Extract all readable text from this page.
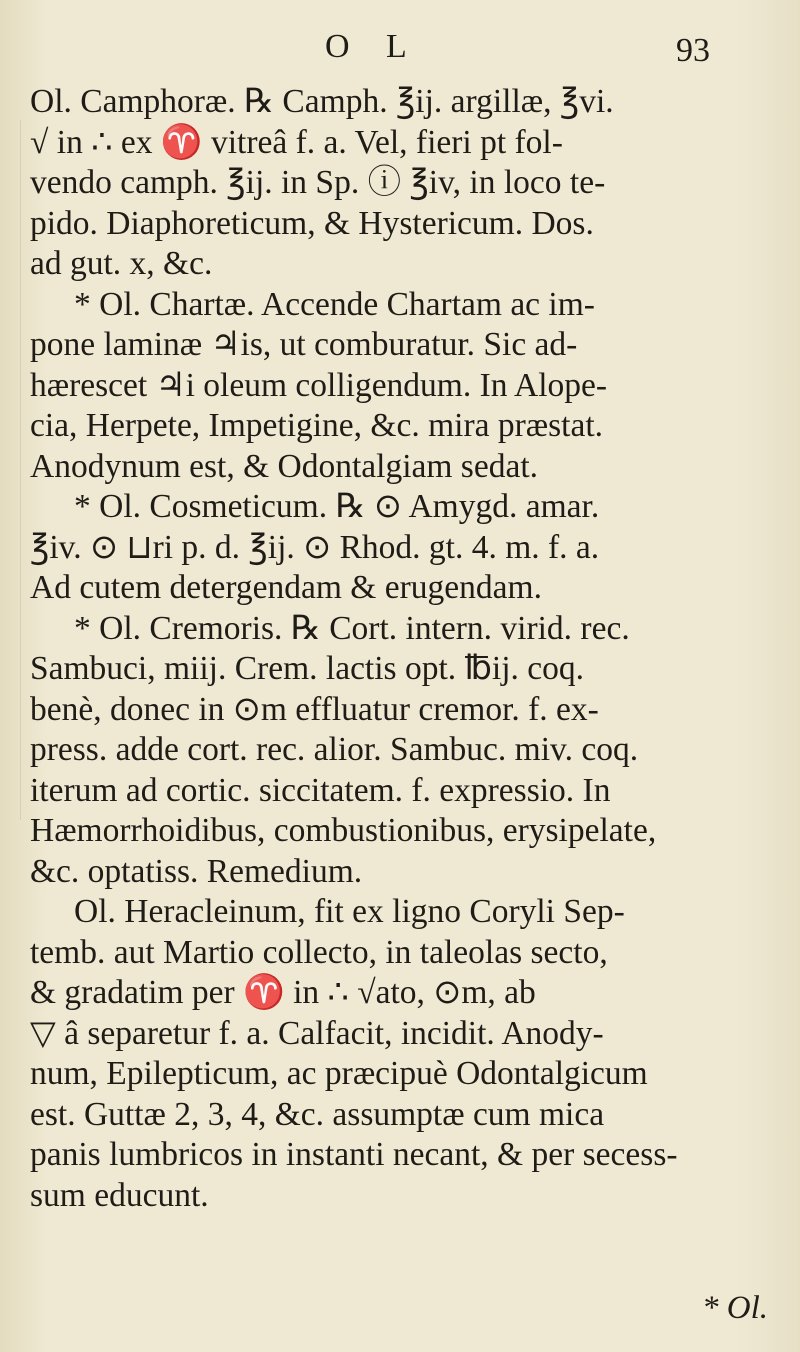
O L	93
Ol. Camphoræ. ℞ Camph. ℥ij. argillæ, ℥vi.
√ in ∴ ex ♈ vitreâ f. a. Vel, fieri pt fol-
vendo camph. ℥ij. in Sp. ⓘ ℥iv, in loco te-
pido. Diaphoreticum, & Hystericum. Dos.
ad gut. x, &c.
* Ol. Chartæ. Accende Chartam ac im-
pone laminæ ♃is, ut comburatur. Sic ad-
hærescet ♃i oleum colligendum. In Alope-
cia, Herpete, Impetigine, &c. mira præstat.
Anodynum est, & Odontalgiam sedat.
* Ol. Cosmeticum. ℞ ⊙ Amygd. amar.
℥iv. ⊙ ⊔ri p. d. ℥ij. ⊙ Rhod. gt. 4. m. f. a.
Ad cutem detergendam & erugendam.
* Ol. Cremoris. ℞ Cort. intern. virid. rec.
Sambuci, miij. Crem. lactis opt. ℔ij. coq.
benè, donec in ⊙m effluatur cremor. f. ex-
press. adde cort. rec. alior. Sambuc. miv. coq.
iterum ad cortic. siccitatem. f. expressio. In
Hæmorrhoidibus, combustionibus, erysipelate,
&c. optatiss. Remedium.
Ol. Heracleinum, fit ex ligno Coryli Sep-
temb. aut Martio collecto, in taleolas secto,
& gradatim per ♈ in ∴ √ato, ⊙m, ab
▽ â separetur f. a. Calfacit, incidit. Anody-
num, Epilepticum, ac præcipuè Odontalgicum
est. Guttæ 2, 3, 4, &c. assumptæ cum mica
panis lumbricos in instanti necant, & per secess-
sum educunt.
* Ol.
